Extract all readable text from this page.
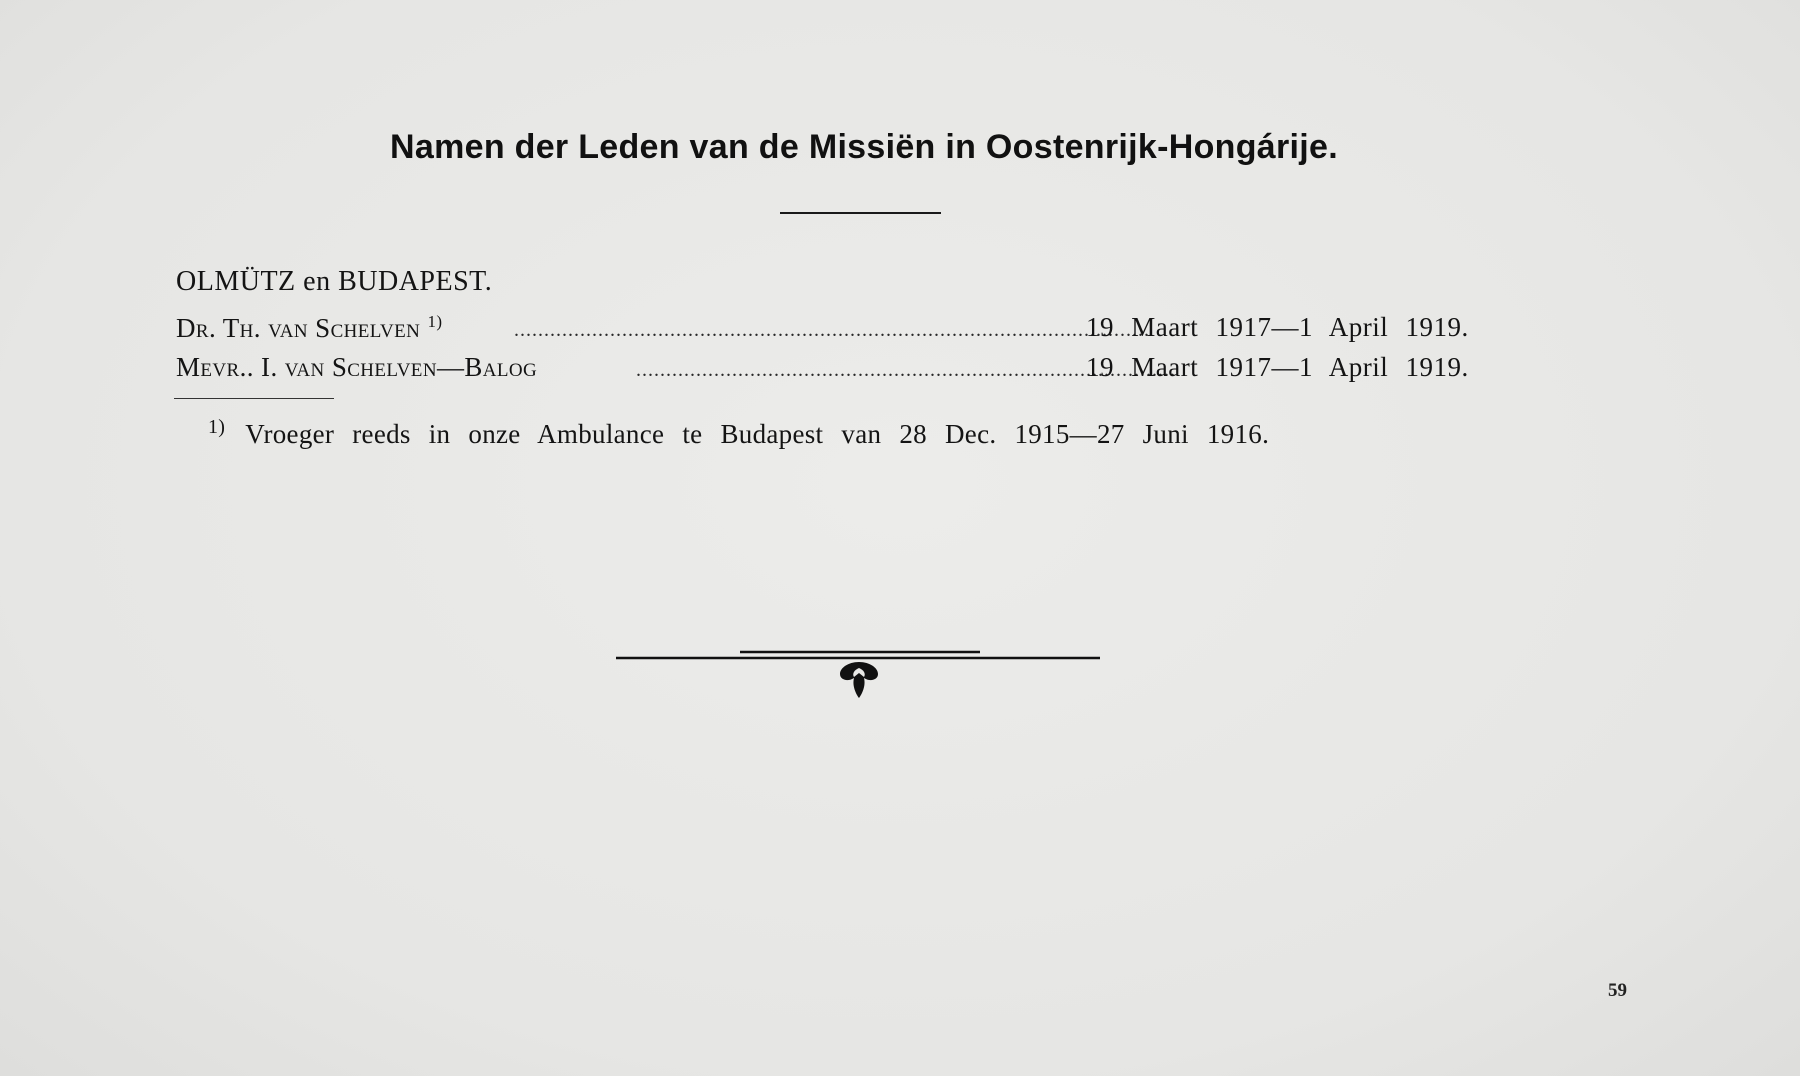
Namen der Leden van de Missiën in Oostenrijk-Hongárije.
OLMÜTZ en BUDAPEST.
Dr. Th. van Schelven $^{1)}$	..........................................................................................................
19 Maart 1917—1 April 1919.
Mevr.. I. van Schelven—Balog	..........................................................................................
19 Maart 1917—1 April 1919.
$^{1)}$ Vroeger reeds in onze Ambulance te Budapest van 28 Dec. 1915—27 Juni 1916.
59
